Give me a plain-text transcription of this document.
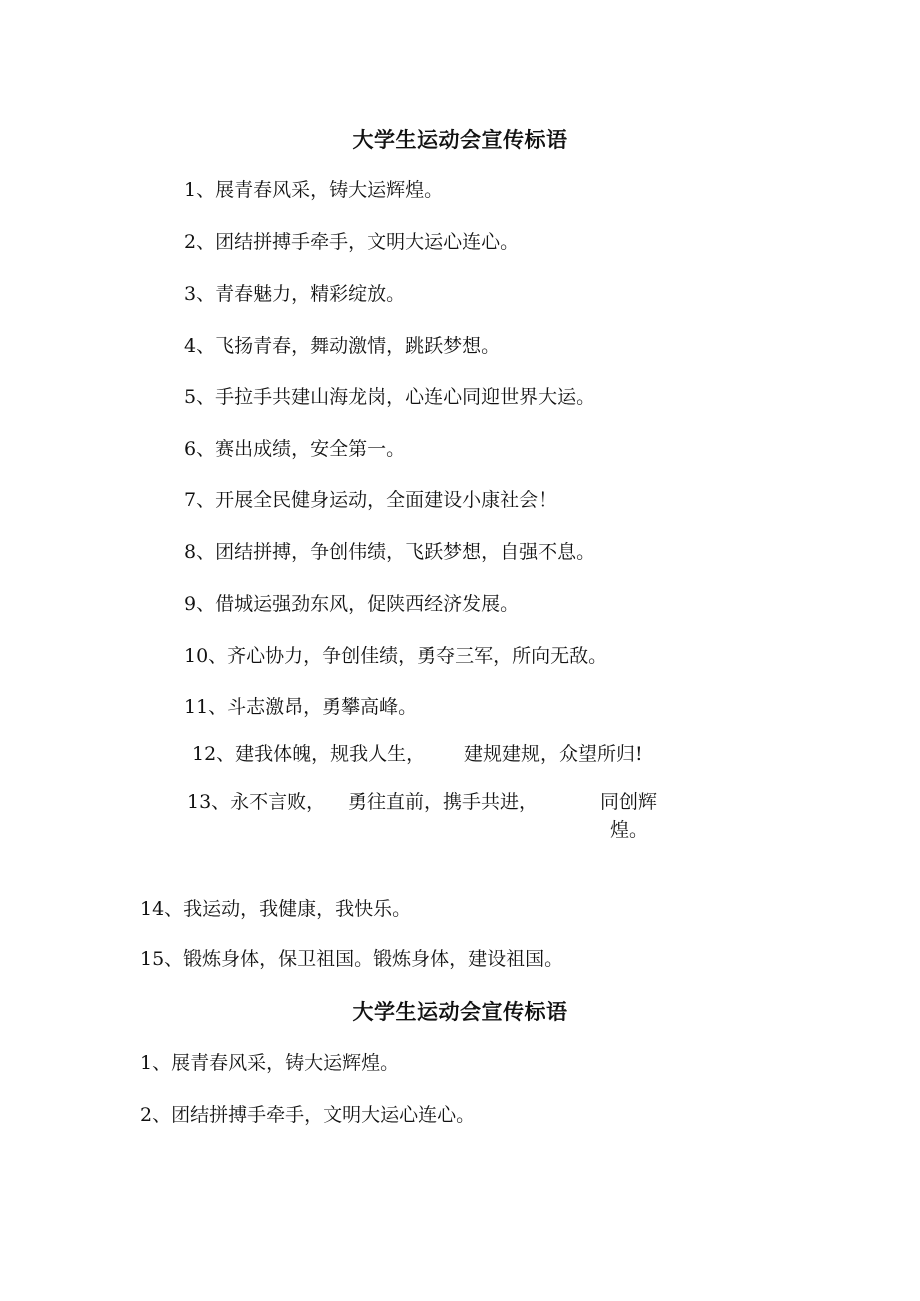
大学生运动会宣传标语

1、展青春风采，铸大运辉煌。

2、团结拼搏手牵手，文明大运心连心。

3、青春魅力，精彩绽放。

4、飞扬青春，舞动激情，跳跃梦想。

5、手拉手共建山海龙岗，心连心同迎世界大运。

6、赛出成绩，安全第一。

7、开展全民健身运动，全面建设小康社会！

8、团结拼搏，争创伟绩，飞跃梦想，自强不息。

9、借城运强劲东风，促陕西经济发展。

10、齐心协力，争创佳绩，勇夺三军，所向无敌。

11、斗志激昂，勇攀高峰。

12、建我体魄，规我人生， 建规建规，众望所归!
13、永不言败， 勇往直前，携手共进，	同创辉
煌。

14、我运动，我健康，我快乐。

15、锻炼身体，保卫祖国。锻炼身体，建设祖国。

大学生运动会宣传标语

1、展青春风采，铸大运辉煌。

2、团结拼搏手牵手，文明大运心连心。
